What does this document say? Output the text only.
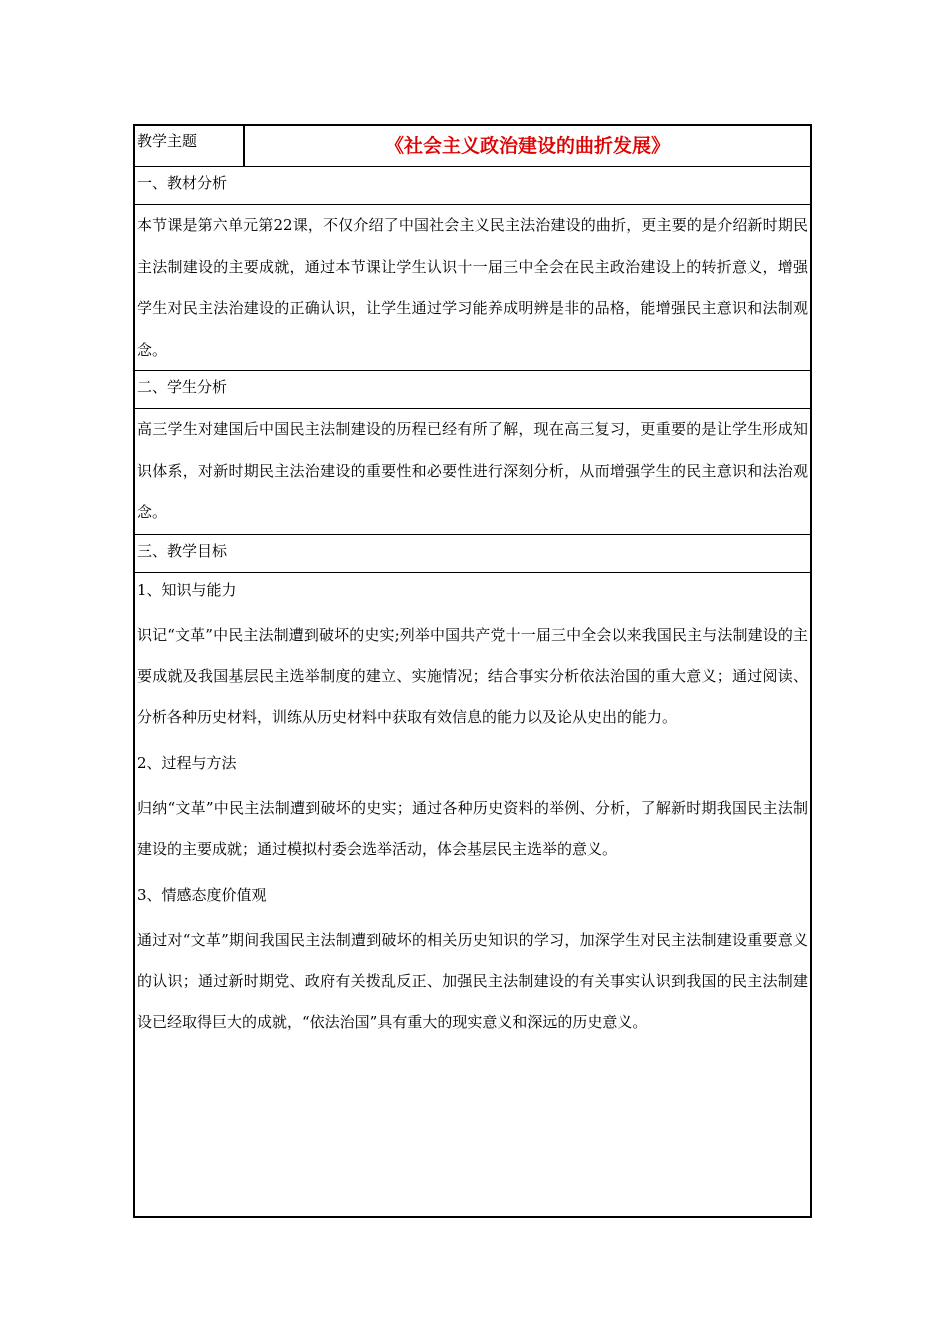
教学主题	《社会主义政治建设的曲折发展》
一、教材分析
本节课是第六单元第22课，不仅介绍了中国社会主义民主法治建设的曲折，更主要的是介绍新时期民主法制建设的主要成就，通过本节课让学生认识十一届三中全会在民主政治建设上的转折意义，增强学生对民主法治建设的正确认识，让学生通过学习能养成明辨是非的品格，能增强民主意识和法制观念。
二、学生分析
高三学生对建国后中国民主法制建设的历程已经有所了解，现在高三复习，更重要的是让学生形成知识体系，对新时期民主法治建设的重要性和必要性进行深刻分析，从而增强学生的民主意识和法治观念。
三、教学目标
1、知识与能力
识记“文革”中民主法制遭到破坏的史实;列举中国共产党十一届三中全会以来我国民主与法制建设的主要成就及我国基层民主选举制度的建立、实施情况；结合事实分析依法治国的重大意义；通过阅读、分析各种历史材料，训练从历史材料中获取有效信息的能力以及论从史出的能力。
2、过程与方法
归纳“文革”中民主法制遭到破坏的史实；通过各种历史资料的举例、分析，了解新时期我国民主法制建设的主要成就；通过模拟村委会选举活动，体会基层民主选举的意义。
3、情感态度价值观
通过对“文革”期间我国民主法制遭到破坏的相关历史知识的学习，加深学生对民主法制建设重要意义的认识；通过新时期党、政府有关拨乱反正、加强民主法制建设的有关事实认识到我国的民主法制建设已经取得巨大的成就，“依法治国”具有重大的现实意义和深远的历史意义。
